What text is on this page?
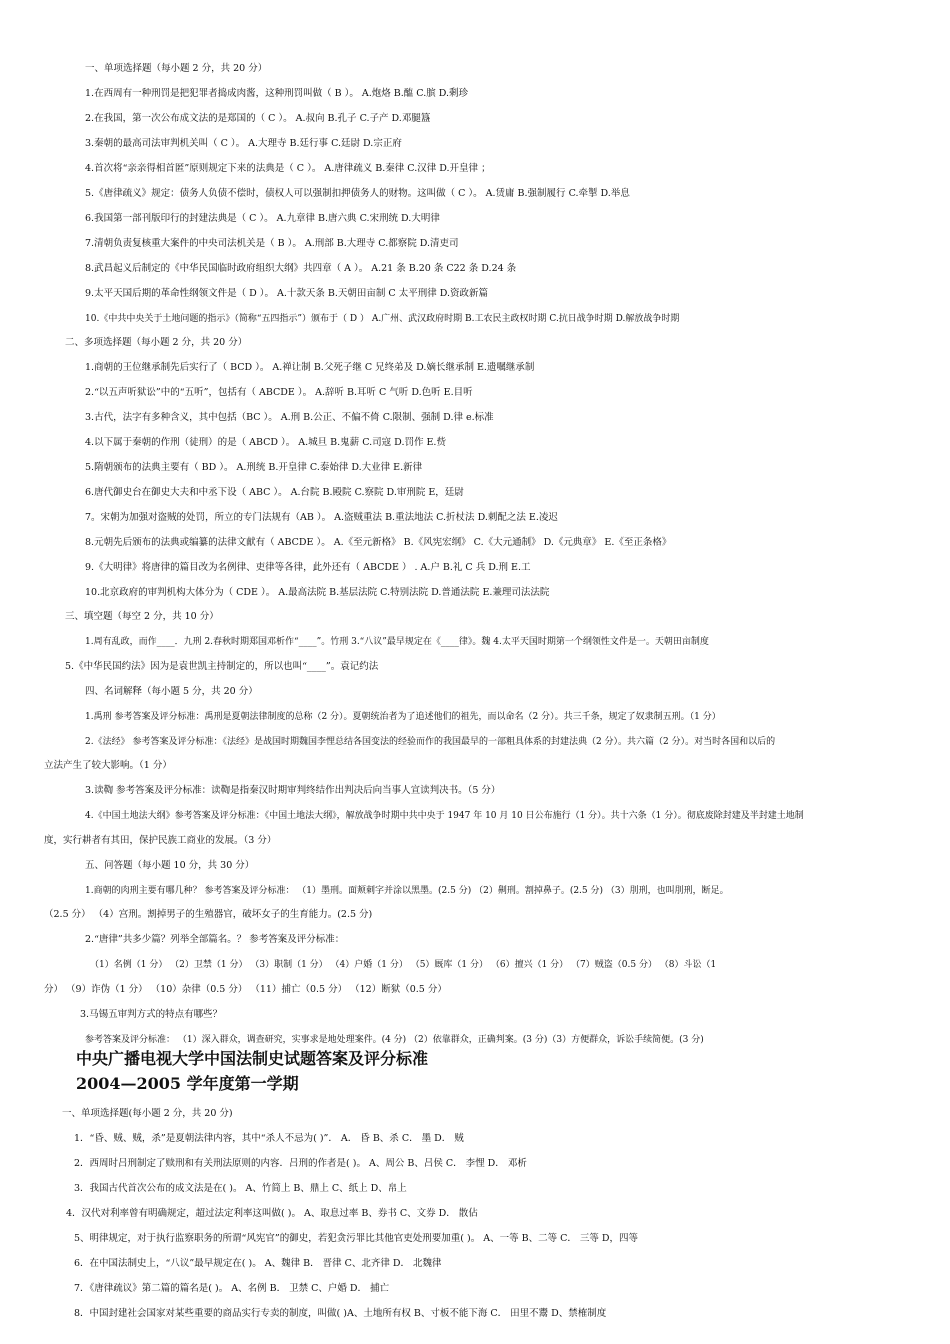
一、单项选择题（每小题 2 分，共 20 分）
1.在西周有一种刑罚是把犯罪者捣成肉酱，这种刑罚叫做（ B ）。 A.炮烙 B.醢 C.膑 D.剩珍
2.在我国，第一次公布成文法的是郑国的（ C ）。 A.叔向 B.孔子 C.子产 D.邓腿簋
3.秦朝的最高司法审判机关叫（ C ）。 A.大理寺 B.廷行事 C.廷尉 D.宗正府
4.首次将“亲亲得相首匿”原则规定下来的法典是（ C ）。 A.唐律疏义 B.秦律 C.汉律 D.开皇律 ；
5.《唐律疏义》规定：债务人负债不偿时，债权人可以强制扣押债务人的财物。这叫做（ C ）。 A.赁庸 B.强制履行 C.牵掣 D.举息
6.我国第一部刊版印行的封建法典是（ C ）。 A.九章律 B.唐六典 C.宋刑统 D.大明律
7.清朝负责复核重大案件的中央司法机关是（ B ）。 A.刑部 B.大理寺 C.都察院 D.清吏司
8.武昌起义后制定的《中华民国临时政府组织大纲》共四章（ A ）。 A.21 条 B.20 条 C22 条 D.24 条
9.太平天国后期的革命性纲领文件是（ D ）。 A.十款天条 B.天朝田亩制 C 太平刑律 D.资政新篇
10.《中共中央关于土地问题的指示》（简称“五四指示”）颁布于（ D ） A.广州、武汉政府时期 B.工农民主政权时期 C.抗日战争时期 D.解放战争时期
二、多项选择题（每小题 2 分，共 20 分）
1.商朝的王位继承制先后实行了（ BCD ）。 A.禅让制 B.父死子继 C 兄终弟及 D.嫡长继承制 E.遗嘱继承制
2.“以五声听狱讼”中的“五听”，包括有（ ABCDE ）。 A.辞听 B.耳听 C 气听 D.色听 E.目听
3.古代，法字有多种含义，其中包括（BC ）。 A.刑 B.公正、不偏不倚 C.限制、强制 D.律 e.标准
4.以下属于秦朝的作刑（徒刑）的是（ ABCD ）。 A.城旦 B.鬼薪 C.司寇 D.罚作 E.赀
5.隋朝颁布的法典主要有（ BD ）。 A.刑统 B.开皇律 C.泰始律 D.大业律 E.新律
6.唐代御史台在御史大夫和中丞下设（ ABC ）。 A.台院 B.殿院 C.察院 D.审刑院 E，廷尉
7。宋朝为加强对盗贼的处罚，所立的专门法规有（AB ）。 A.盗贼重法 B.重法地法 C.折杖法 D.刺配之法 E.凌迟
8.元朝先后颁布的法典或编纂的法律文献有（ ABCDE ）。 A.《至元新格》 B.《风宪宏纲》 C.《大元通制》 D.《元典章》 E.《至正条格》
9.《大明律》将唐律的篇目改为名例律、吏律等各律，此外还有（ ABCDE ） . A.户 B.礼 C 兵 D.刑 E.工
10.北京政府的审判机构大体分为（ CDE ）。 A.最高法院 B.基层法院 C.特别法院 D.普通法院 E.兼理司法法院
三、填空题（每空 2 分，共 10 分）
1.周有乱政，而作____．九刑 2.春秋时期郑国邓析作“____”。竹刑 3.“八议”最早规定在《____律》。魏 4.太平天国时期第一个纲领性文件是一。天朝田亩制度
5.《中华民国约法》因为是袁世凯主持制定的，所以也叫“____”。袁记约法
四、名词解释（每小题 5 分，共 20 分）
1.禹刑 参考答案及评分标准：禹刑是夏朝法律制度的总称（2 分）。夏朝统治者为了追述他们的祖先，而以命名（2 分）。共三千条，规定了奴隶制五刑。（1 分）
2.《法经》 参考答案及评分标准：《法经》是战国时期魏国李悝总结各国变法的经验而作的我国最早的一部粗具体系的封建法典（2 分）。共六篇（2 分）。对当时各国和以后的
立法产生了较大影响。（1 分）
3.读鞫 参考答案及评分标准：读鞫是指秦汉时期审判终结作出判决后向当事人宣读判决书。（5 分）
4.《中国土地法大纲》参考答案及评分标准：《中国土地法大纲》，解放战争时期中共中央于 1947 年 10 月 10 日公布施行（1 分）。共十六条（1 分）。彻底废除封建及半封建土地制
度，实行耕者有其田，保护民族工商业的发展。（3 分）
五、问答题（每小题 10 分，共 30 分）
1.商朝的肉刑主要有哪几种？ 参考答案及评分标准： （1）墨刑。面颊刺字并涂以黑墨。(2.5 分) （2）劓刑。割掉鼻子。(2.5 分) （3）刖刑，也叫刖刑，断足。
（2.5 分） （4）宫刑。割掉男子的生殖器官，破坏女子的生育能力。(2.5 分)
2.“唐律”共多少篇？列举全部篇名。？ 参考答案及评分标准：
（1）名例（1 分） （2）卫禁（1 分） （3）职制（1 分） （4）户婚（1 分） （5）厩库（1 分） （6）擅兴（1 分） （7）贼盗（0.5 分） （8）斗讼（1
分） （9）诈伪（1 分） （10）杂律（0.5 分） （11）捕亡（0.5 分） （12）断狱（0.5 分）
3.马锡五审判方式的特点有哪些？
参考答案及评分标准： （1）深入群众，调查研究，实事求是地处理案件。(4 分) （2）依靠群众，正确判案。(3 分)（3）方便群众，诉讼手续简便。(3 分)
中央广播电视大学中国法制史试题答案及评分标准
2004—2005 学年度第一学期
一、单项选择题(每小题 2 分，共 20 分)
1．“昏、贼、贼，杀”是夏朝法律内容，其中“杀人不忌为( )”． A． 昏 B、杀 C． 墨 D． 贼
2．西周时吕刑制定了赎刑和有关刑法原则的内容．吕刑的作者是( )。 A、周公 B、吕侯 C． 李悝 D． 邓析
3．我国古代首次公布的成文法是在( )。 A、竹简上 B、鼎上 C、纸上 D、帛上
4．汉代对利率曾有明确规定，超过法定利率这叫做( )。 A、取息过率 B、券书 C、文券 D． 散佔
5、明律规定，对于执行监察职务的所谓“风宪官”的御史，若犯贪污罪比其他官吏处刑要加重( )。 A、一等 B、二等 C． 三等 D，四等
6．在中国法制史上，“八议”最早规定在( )。 A、魏律 B． 晋律 C、北齐律 D． 北魏律
7．《唐律疏议》第二篇的篇名是( )。 A、名例 B． 卫禁 C、户婚 D． 捕亡
8．中国封建社会国家对某些重要的商品实行专卖的制度，叫做( )A、土地所有权 B、寸板不能下海 C． 田里不鬻 D、禁榷制度
